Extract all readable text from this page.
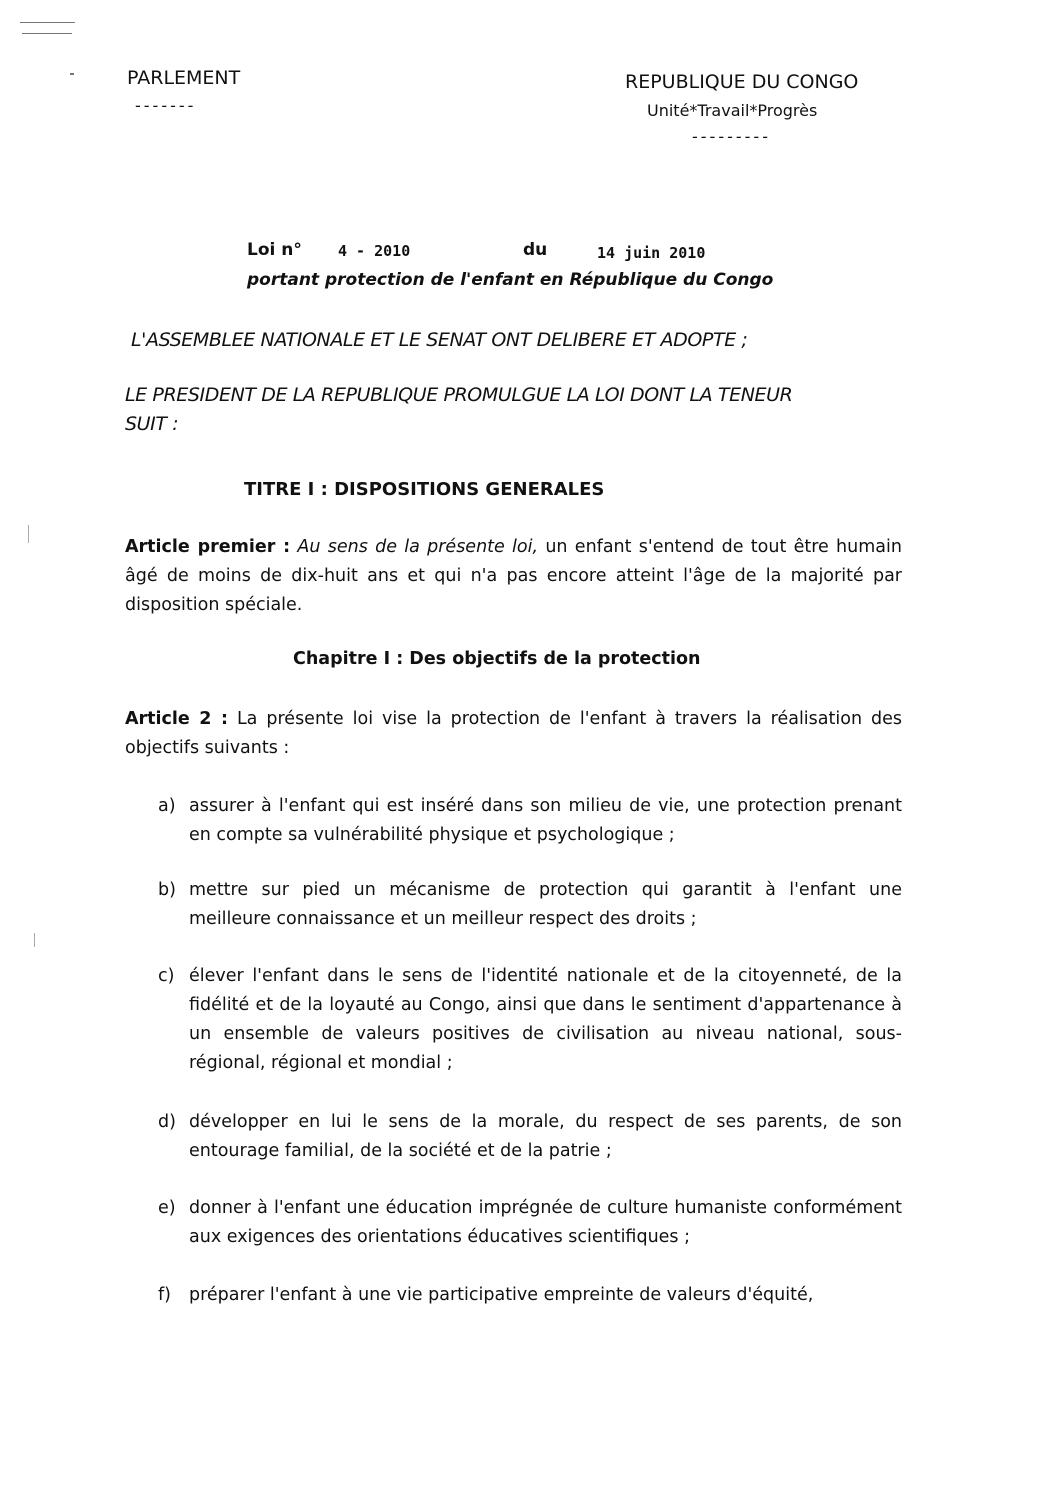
PARLEMENT
-------
REPUBLIQUE DU CONGO
Unité*Travail*Progrès
---------
Loi n° 4 - 2010	du	14 juin 2010
portant protection de l'enfant en République du Congo
L'ASSEMBLEE NATIONALE ET LE SENAT ONT DELIBERE ET ADOPTE ;
LE PRESIDENT DE LA REPUBLIQUE PROMULGUE LA LOI DONT LA TENEUR
SUIT :
TITRE I : DISPOSITIONS GENERALES
Article premier : Au sens de la présente loi, un enfant s'entend de tout être humain âgé de moins de dix-huit ans et qui n'a pas encore atteint l'âge de la majorité par disposition spéciale.
Chapitre I : Des objectifs de la protection
Article 2 : La présente loi vise la protection de l'enfant à travers la réalisation des objectifs suivants :
a) assurer à l'enfant qui est inséré dans son milieu de vie, une protection prenant en compte sa vulnérabilité physique et psychologique ;
b) mettre sur pied un mécanisme de protection qui garantit à l'enfant une meilleure connaissance et un meilleur respect des droits ;
c) élever l'enfant dans le sens de l'identité nationale et de la citoyenneté, de la fidélité et de la loyauté au Congo, ainsi que dans le sentiment d'appartenance à un ensemble de valeurs positives de civilisation au niveau national, sous-régional, régional et mondial ;
d) développer en lui le sens de la morale, du respect de ses parents, de son entourage familial, de la société et de la patrie ;
e) donner à l'enfant une éducation imprégnée de culture humaniste conformément aux exigences des orientations éducatives scientifiques ;
f) préparer l'enfant à une vie participative empreinte de valeurs d'équité,
